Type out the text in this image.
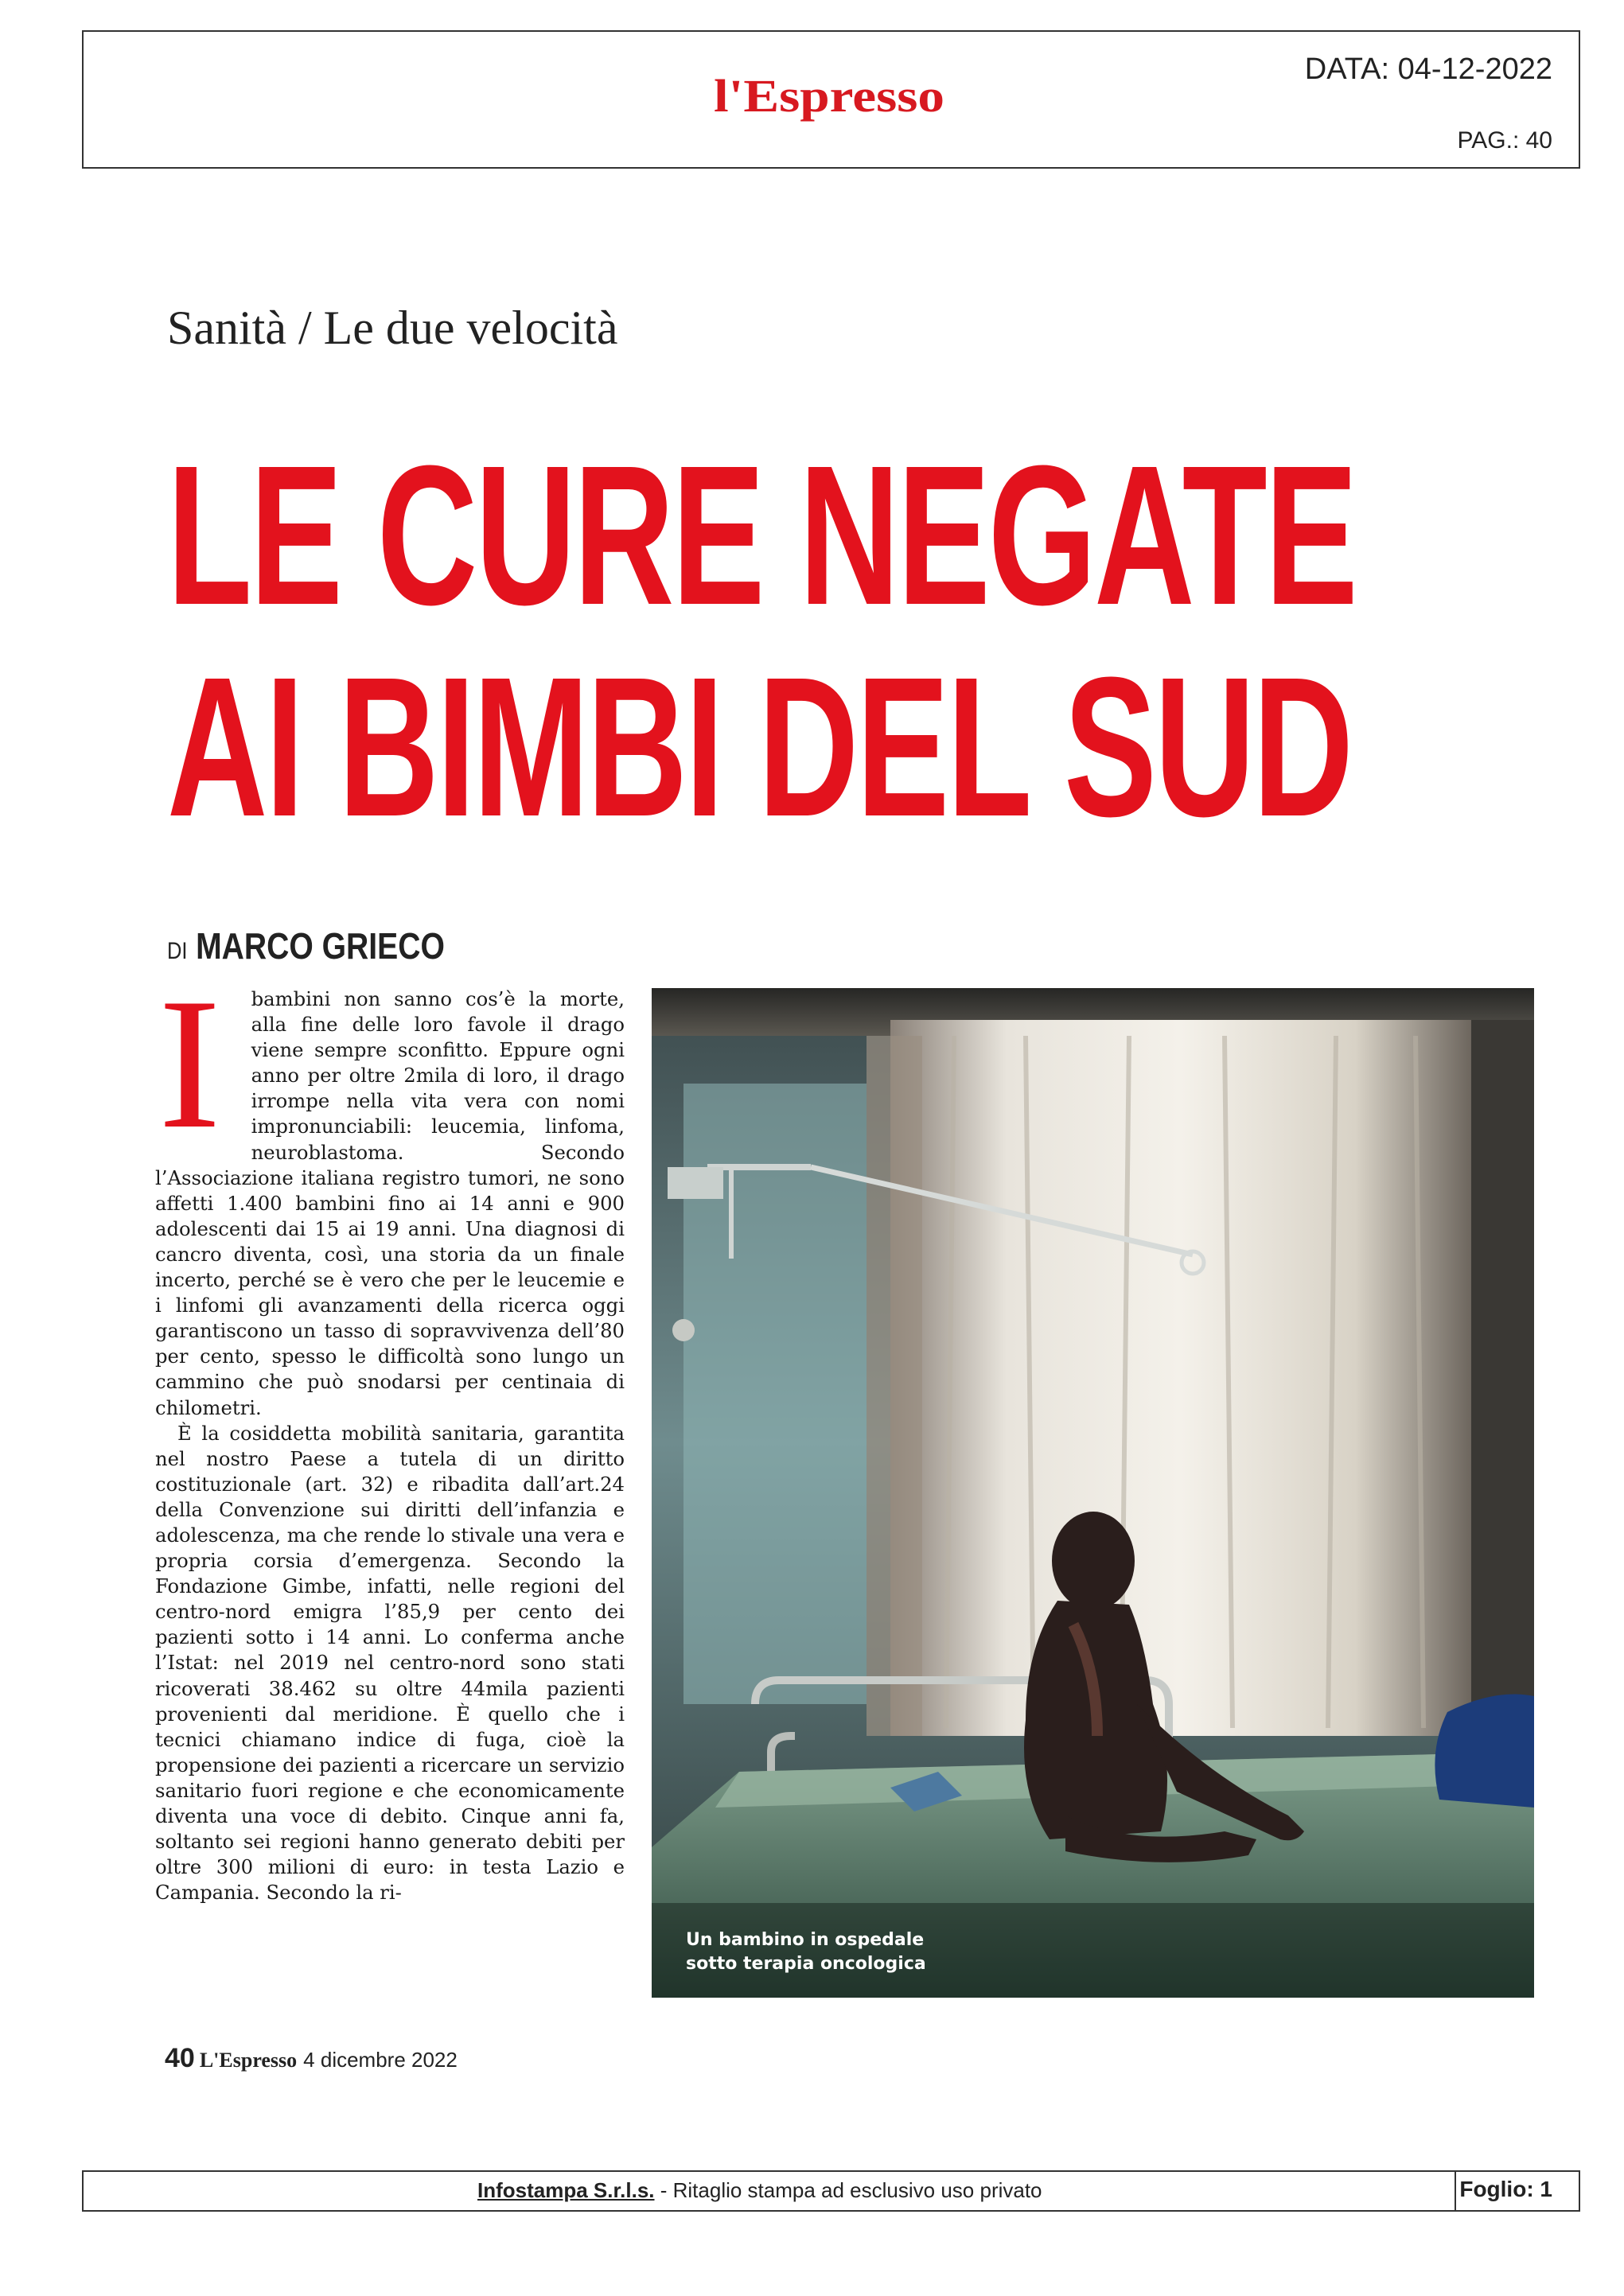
l'Espresso
DATA: 04-12-2022
PAG.: 40
Sanità / Le due velocità
LE CURE NEGATE
AI BIMBI DEL SUD
DI MARCO GRIECO

I bambini non sanno cos’è la morte, alla fine delle loro favole il drago viene sempre sconfitto. Eppure ogni anno per oltre 2mila di loro, il drago irrompe nella vita vera con nomi impronunciabili: leucemia, linfoma, neuroblastoma. Secondo l’Associazione italiana registro tumori, ne sono affetti 1.400 bambini fino ai 14 anni e 900 adolescenti dai 15 ai 19 anni. Una diagnosi di cancro diventa, così, una storia da un finale incerto, perché se è vero che per le leucemie e i linfomi gli avanzamenti della ricerca oggi garantiscono un tasso di sopravvivenza dell’80 per cento, spesso le difficoltà sono lungo un cammino che può snodarsi per centinaia di chilometri.

È la cosiddetta mobilità sanitaria, garantita nel nostro Paese a tutela di un diritto costituzionale (art. 32) e ribadita dall’art.24 della Convenzione sui diritti dell’infanzia e adolescenza, ma che rende lo stivale una vera e propria corsia d’emergenza. Secondo la Fondazione Gimbe, infatti, nelle regioni del centro-nord emigra l’85,9 per cento dei pazienti sotto i 14 anni. Lo conferma anche l’Istat: nel 2019 nel centro-nord sono stati ricoverati 38.462 su oltre 44mila pazienti provenienti dal meridione. È quello che i tecnici chiamano indice di fuga, cioè la propensione dei pazienti a ricercare un servizio sanitario fuori regione e che economicamente diventa una voce di debito. Cinque anni fa, soltanto sei regioni hanno generato debiti per oltre 300 milioni di euro: in testa Lazio e Campania. Secondo la ri-

Un bambino in ospedale
sotto terapia oncologica
40 L'Espresso 4 dicembre 2022
Infostampa S.r.l.s. - Ritaglio stampa ad esclusivo uso privato	Foglio: 1
